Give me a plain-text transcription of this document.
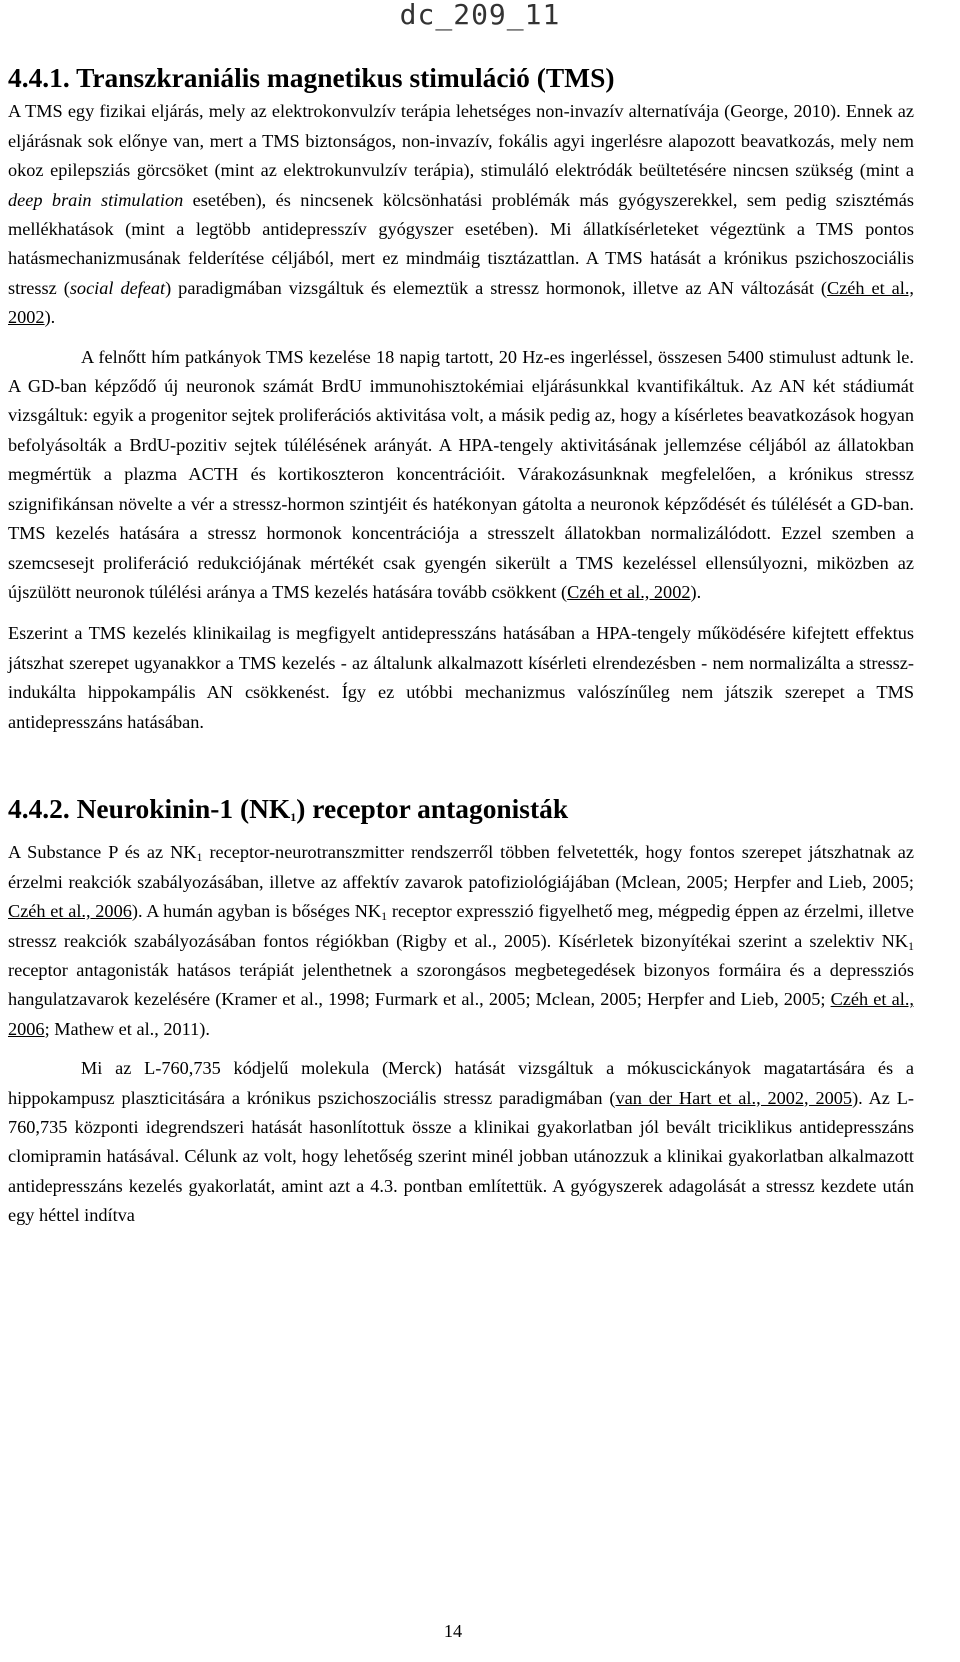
dc_209_11
4.4.1. Transzkraniális magnetikus stimuláció (TMS)

A TMS egy fizikai eljárás, mely az elektrokonvulzív terápia lehetséges non-invazív alternatívája (George, 2010). Ennek az eljárásnak sok előnye van, mert a TMS biztonságos, non-invazív, fokális agyi ingerlésre alapozott beavatkozás, mely nem okoz epilepsziás görcsöket (mint az elektrokunvulzív terápia), stimuláló elektródák beültetésére nincsen szükség (mint a deep brain stimulation esetében), és nincsenek kölcsönhatási problémák más gyógyszerekkel, sem pedig szisztémás mellékhatások (mint a legtöbb antidepresszív gyógyszer esetében). Mi állatkísérleteket végeztünk a TMS pontos hatásmechanizmusának felderítése céljából, mert ez mindmáig tisztázattlan. A TMS hatását a krónikus pszichoszociális stressz (social defeat) paradigmában vizsgáltuk és elemeztük a stressz hormonok, illetve az AN változását (Czéh et al., 2002).

A felnőtt hím patkányok TMS kezelése 18 napig tartott, 20 Hz-es ingerléssel, összesen 5400 stimulust adtunk le. A GD-ban képződő új neuronok számát BrdU immunohisztokémiai eljárásunkkal kvantifikáltuk. Az AN két stádiumát vizsgáltuk: egyik a progenitor sejtek proliferációs aktivitása volt, a másik pedig az, hogy a kísérletes beavatkozások hogyan befolyásolták a BrdU-pozitiv sejtek túlélésének arányát. A HPA-tengely aktivitásának jellemzése céljából az állatokban megmértük a plazma ACTH és kortikoszteron koncentrációit. Várakozásunknak megfelelően, a krónikus stressz szignifikánsan növelte a vér a stressz-hormon szintjéit és hatékonyan gátolta a neuronok képződését és túlélését a GD-ban. TMS kezelés hatására a stressz hormonok koncentrációja a stresszelt állatokban normalizálódott. Ezzel szemben a szemcsesejt proliferáció redukciójának mértékét csak gyengén sikerült a TMS kezeléssel ellensúlyozni, miközben az újszülött neuronok túlélési aránya a TMS kezelés hatására tovább csökkent (Czéh et al., 2002).

Eszerint a TMS kezelés klinikailag is megfigyelt antidepresszáns hatásában a HPA-tengely működésére kifejtett effektus játszhat szerepet ugyanakkor a TMS kezelés - az általunk alkalmazott kísérleti elrendezésben - nem normalizálta a stressz-indukálta hippokampális AN csökkenést. Így ez utóbbi mechanizmus valószínűleg nem játszik szerepet a TMS antidepresszáns hatásában.

4.4.2. Neurokinin-1 $(NK_1)$ receptor antagonisták

A Substance P és az $NK_1$ receptor-neurotranszmitter rendszerről többen felvetették, hogy fontos szerepet játszhatnak az érzelmi reakciók szabályozásában, illetve az affektív zavarok patofiziológiájában (Mclean, 2005; Herpfer and Lieb, 2005; Czéh et al., 2006). A humán agyban is bőséges $NK_1$ receptor expresszió figyelhető meg, mégpedig éppen az érzelmi, illetve stressz reakciók szabályozásában fontos régiókban (Rigby et al., 2005). Kísérletek bizonyítékai szerint a szelektiv $NK_1$ receptor antagonisták hatásos terápiát jelenthetnek a szorongásos megbetegedések bizonyos formáira és a depressziós hangulatzavarok kezelésére (Kramer et al., 1998; Furmark et al., 2005; Mclean, 2005; Herpfer and Lieb, 2005; Czéh et al., 2006; Mathew et al., 2011).

Mi az L-760,735 kódjelű molekula (Merck) hatását vizsgáltuk a mókuscickányok magatartására és a hippokampusz plaszticitására a krónikus pszichoszociális stressz paradigmában (van der Hart et al., 2002, 2005). Az L-760,735 központi idegrendszeri hatását hasonlítottuk össze a klinikai gyakorlatban jól bevált triciklikus antidepresszáns clomipramin hatásával. Célunk az volt, hogy lehetőség szerint minél jobban utánozzuk a klinikai gyakorlatban alkalmazott antidepresszáns kezelés gyakorlatát, amint azt a 4.3. pontban említettük. A gyógyszerek adagolását a stressz kezdete után egy héttel indítva

14
